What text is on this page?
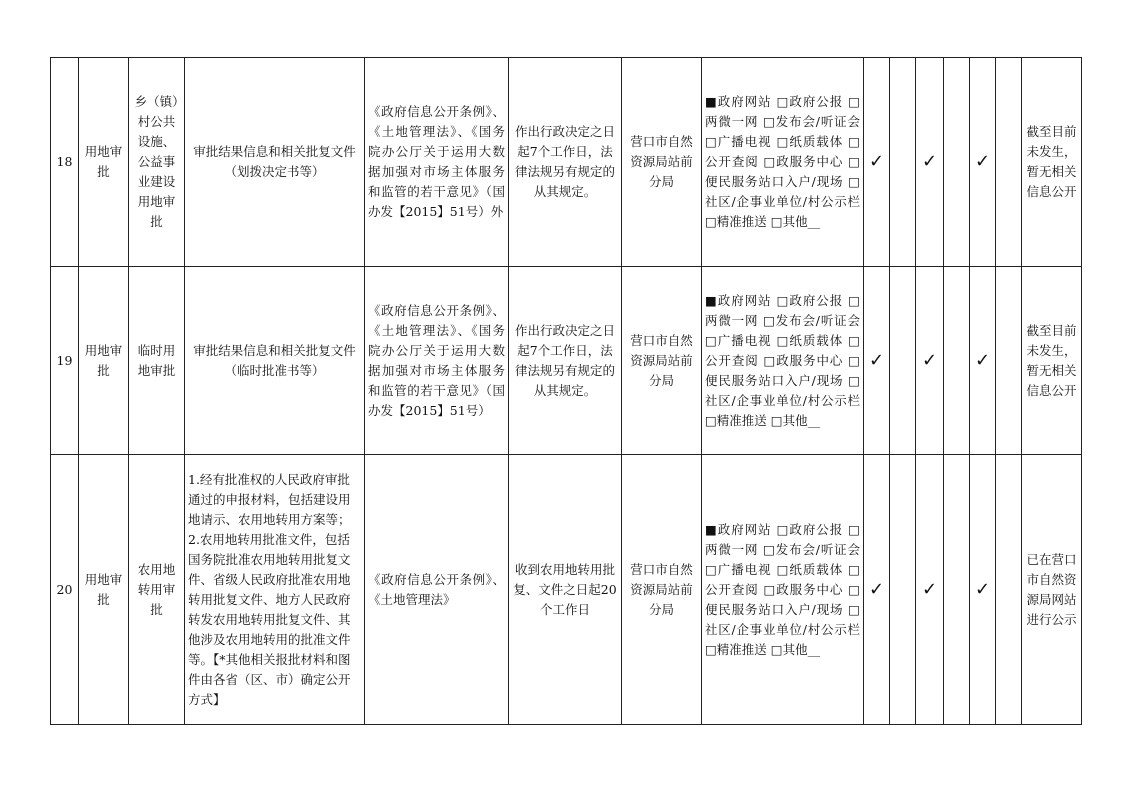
18	用地审批	乡（镇）村公共设施、公益事业建设用地审批	审批结果信息和相关批复文件（划拨决定书等）	《政府信息公开条例》、《土地管理法》、《国务院办公厅关于运用大数据加强对市场主体服务和监管的若干意见》（国办发【2015】51号）外	作出行政决定之日起7个工作日，法律法规另有规定的从其规定。	营口市自然资源局站前分局	■政府网站 □政府公报 □两微一网 □发布会/听证会 □广播电视 □纸质载体 □公开查阅 □政服务中心 □便民服务站口入户/现场 □社区/企事业单位/村公示栏 □精准推送 □其他__	✓		✓		✓		截至目前未发生，暂无相关信息公开
19	用地审批	临时用地审批	审批结果信息和相关批复文件（临时批准书等）	《政府信息公开条例》、《土地管理法》、《国务院办公厅关于运用大数据加强对市场主体服务和监管的若干意见》（国办发【2015】51号）	作出行政决定之日起7个工作日，法律法规另有规定的从其规定。	营口市自然资源局站前分局	■政府网站 □政府公报 □两微一网 □发布会/听证会 □广播电视 □纸质载体 □公开查阅 □政服务中心 □便民服务站口入户/现场 □社区/企事业单位/村公示栏 □精准推送 □其他__	✓		✓		✓		截至目前未发生，暂无相关信息公开
20	用地审批	农用地转用审批	1.经有批准权的人民政府审批通过的申报材料，包括建设用地请示、农用地转用方案等；2.农用地转用批准文件，包括国务院批准农用地转用批复文件、省级人民政府批准农用地转用批复文件、地方人民政府转发农用地转用批复文件、其他涉及农用地转用的批准文件等。【*其他相关报批材料和图件由各省（区、市）确定公开方式】	《政府信息公开条例》、《土地管理法》	收到农用地转用批复、文件之日起20个工作日	营口市自然资源局站前分局	■政府网站 □政府公报 □两微一网 □发布会/听证会 □广播电视 □纸质载体 □公开查阅 □政服务中心 □便民服务站口入户/现场 □社区/企事业单位/村公示栏 □精准推送 □其他__	✓		✓		✓		已在营口市自然资源局网站进行公示
